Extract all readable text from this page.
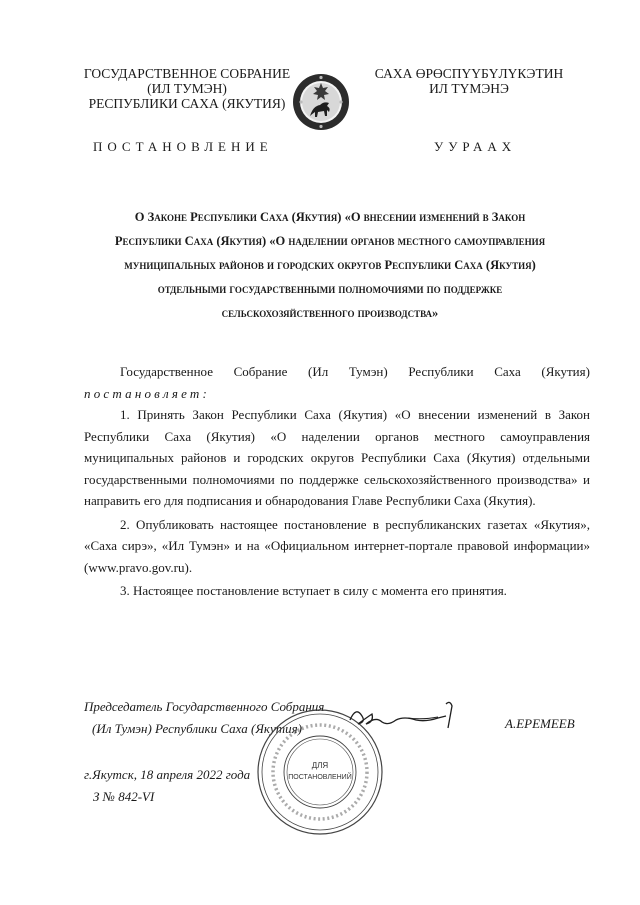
ГОСУДАРСТВЕННОЕ СОБРАНИЕ
(ИЛ ТУМЭН)
РЕСПУБЛИКИ САХА (ЯКУТИЯ)
САХА ӨРӨСПҮҮБҮЛҮКЭТИН
ИЛ ТҮМЭНЭ
ПОСТАНОВЛЕНИЕ	УУРААХ
О Законе Республики Саха (Якутия) «О внесении изменений в Закон
Республики Саха (Якутия) «О наделении органов местного самоуправления
муниципальных районов и городских округов Республики Саха (Якутия)
отдельными государственными полномочиями по поддержке
сельскохозяйственного производства»
Государственное Собрание (Ил Тумэн) Республики Саха (Якутия)
постановляет:

1. Принять Закон Республики Саха (Якутия) «О внесении изменений в Закон Республики Саха (Якутия) «О наделении органов местного самоуправления муниципальных районов и городских округов Республики Саха (Якутия) отдельными государственными полномочиями по поддержке сельскохозяйственного производства» и направить его для подписания и обнародования Главе Республики Саха (Якутия).

2. Опубликовать настоящее постановление в республиканских газетах «Якутия», «Саха сирэ», «Ил Тумэн» и на «Официальном интернет-портале правовой информации» (www.pravo.gov.ru).

3. Настоящее постановление вступает в силу с момента его принятия.

Председатель Государственного Собрания
(Ил Тумэн) Республики Саха (Якутия)
ДЛЯ
ПОСТАНОВЛЕНИЙ
А.ЕРЕМЕЕВ
г.Якутск, 18 апреля 2022 года
З № 842-VI
